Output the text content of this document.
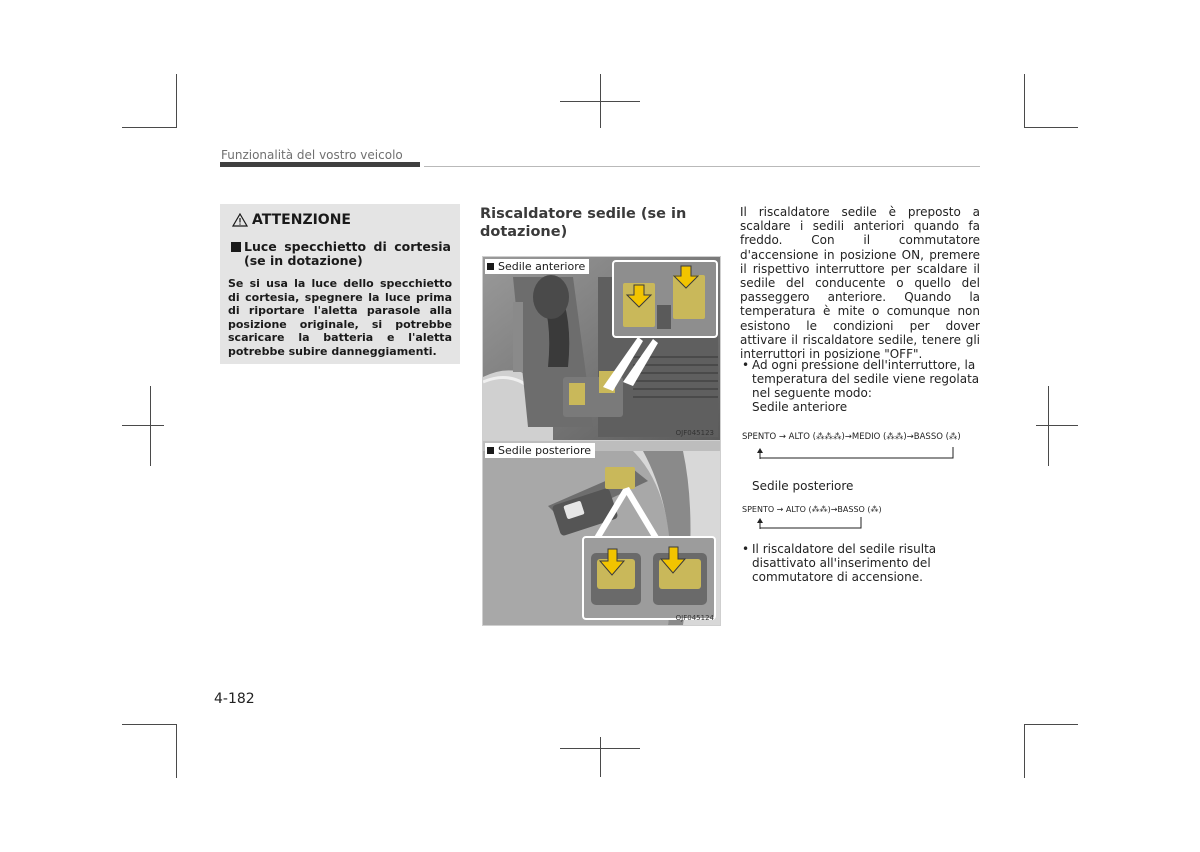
Funzionalità del vostro veicolo
ATTENZIONE
Luce specchietto di cortesia (se in dotazione)
Se si usa la luce dello specchietto di cortesia, spegnere la luce prima di riportare l'aletta parasole alla posizione originale, si potrebbe scaricare la batteria e l'aletta potrebbe subire danneggiamenti.
Riscaldatore sedile (se in dotazione)
Sedile anteriore
OJF045123
Sedile posteriore
OJF045124
Il riscaldatore sedile è preposto a scaldare i sedili anteriori quando fa freddo. Con il commutatore d'accensione in posizione ON, premere il rispettivo interruttore per scaldare il sedile del conducente o quello del passeggero anteriore. Quando la temperatura è mite o comunque non esistono le condizioni per dover attivare il riscaldatore sedile, tenere gli interruttori in posizione "OFF".
• Ad ogni pressione dell'interruttore, la temperatura del sedile viene regolata nel seguente modo:
Sedile anteriore
SPENTO → ALTO (⁂⁂⁂)→MEDIO (⁂⁂)→BASSO (⁂)
Sedile posteriore
SPENTO → ALTO (⁂⁂)→BASSO (⁂)
• Il riscaldatore del sedile risulta disattivato all'inserimento del commutatore di accensione.
4-182
